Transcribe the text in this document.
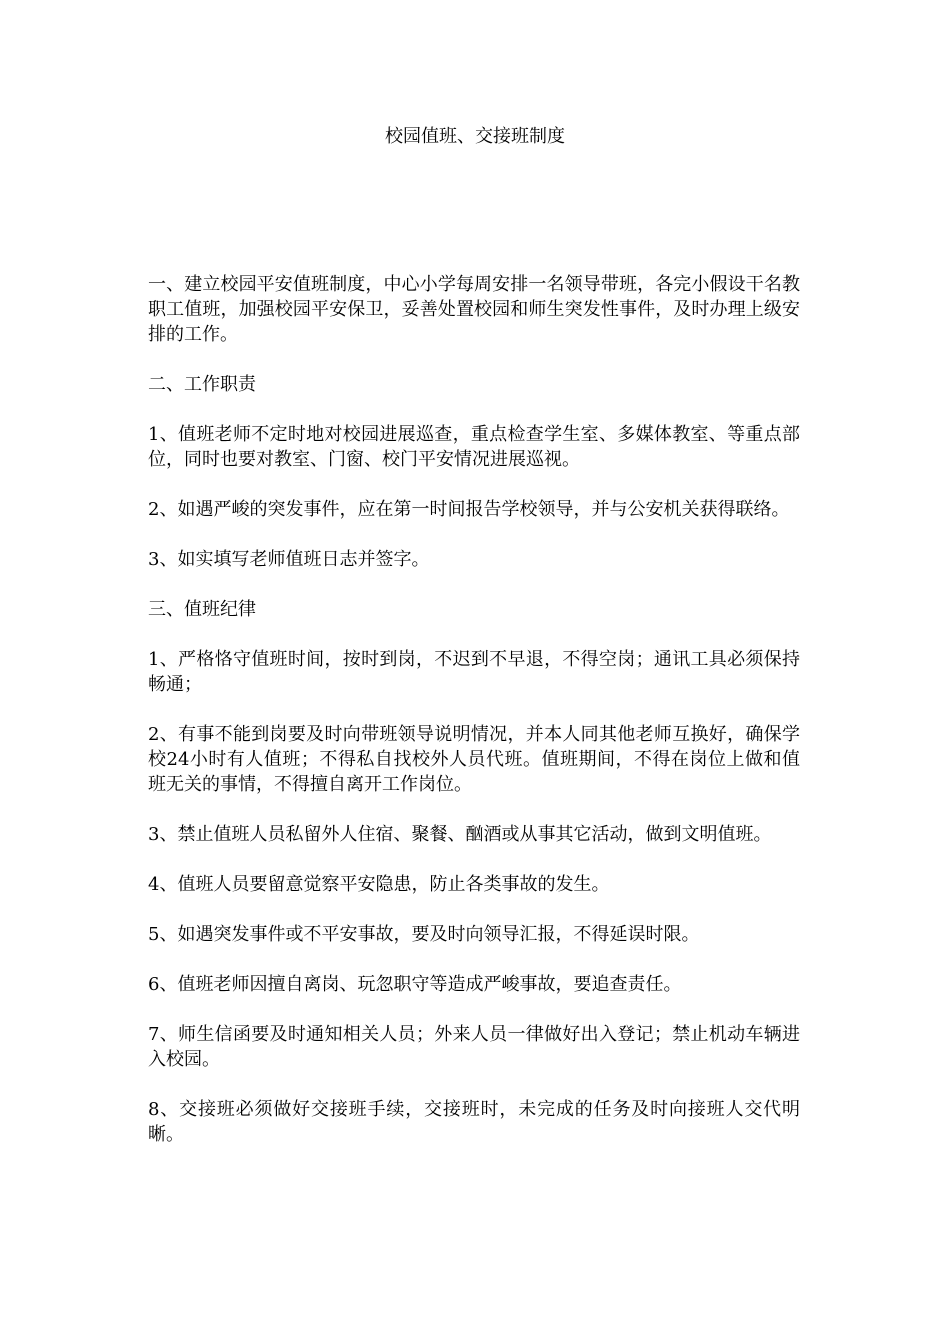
校园值班、交接班制度

一、建立校园平安值班制度，中心小学每周安排一名领导带班，各完小假设干名教职工值班，加强校园平安保卫，妥善处置校园和师生突发性事件，及时办理上级安排的工作。

二、工作职责

1、值班老师不定时地对校园进展巡查，重点检查学生室、多媒体教室、等重点部位，同时也要对教室、门窗、校门平安情况进展巡视。

2、如遇严峻的突发事件，应在第一时间报告学校领导，并与公安机关获得联络。

3、如实填写老师值班日志并签字。

三、值班纪律

1、严格恪守值班时间，按时到岗，不迟到不早退，不得空岗；通讯工具必须保持畅通；

2、有事不能到岗要及时向带班领导说明情况，并本人同其他老师互换好，确保学校24小时有人值班；不得私自找校外人员代班。值班期间，不得在岗位上做和值班无关的事情，不得擅自离开工作岗位。

3、禁止值班人员私留外人住宿、聚餐、酗酒或从事其它活动，做到文明值班。

4、值班人员要留意觉察平安隐患，防止各类事故的发生。

5、如遇突发事件或不平安事故，要及时向领导汇报，不得延误时限。

6、值班老师因擅自离岗、玩忽职守等造成严峻事故，要追查责任。

7、师生信函要及时通知相关人员；外来人员一律做好出入登记；禁止机动车辆进入校园。

8、交接班必须做好交接班手续，交接班时，未完成的任务及时向接班人交代明晰。
